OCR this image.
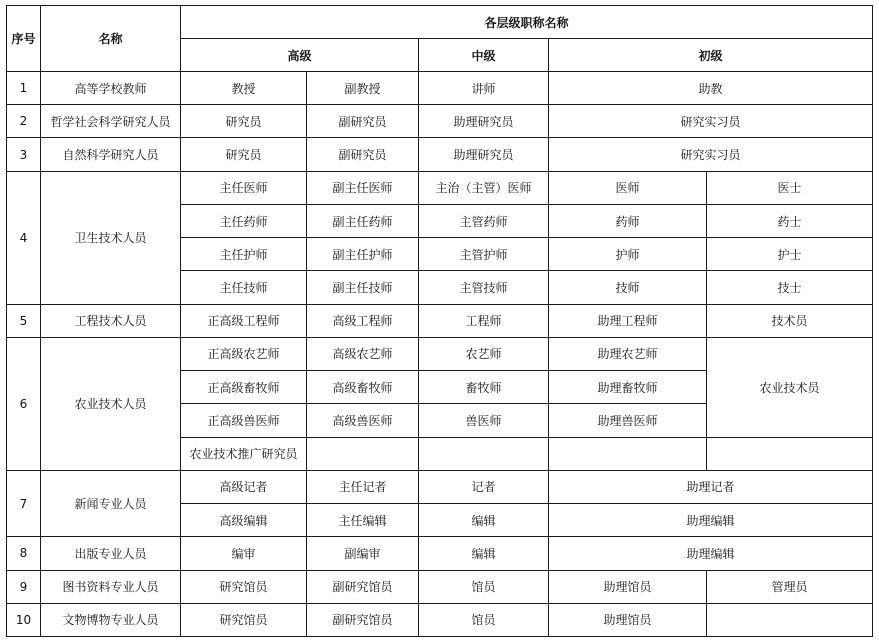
序号	名称	各层级职称名称				
		高级		中级	初级	
1	高等学校教师	教授	副教授	讲师	助教	
2	哲学社会科学研究人员	研究员	副研究员	助理研究员	研究实习员	
3	自然科学研究人员	研究员	副研究员	助理研究员	研究实习员	
4	卫生技术人员	主任医师	副主任医师	主治（主管）医师	医师	医士
		主任药师	副主任药师	主管药师	药师	药士
		主任护师	副主任护师	主管护师	护师	护士
		主任技师	副主任技师	主管技师	技师	技士
5	工程技术人员	正高级工程师	高级工程师	工程师	助理工程师	技术员
6	农业技术人员	正高级农艺师	高级农艺师	农艺师	助理农艺师	农业技术员
		正高级畜牧师	高级畜牧师	畜牧师	助理畜牧师	
		正高级兽医师	高级兽医师	兽医师	助理兽医师	
		农业技术推广研究员				
7	新闻专业人员	高级记者	主任记者	记者	助理记者	
		高级编辑	主任编辑	编辑	助理编辑	
8	出版专业人员	编审	副编审	编辑	助理编辑	
9	图书资料专业人员	研究馆员	副研究馆员	馆员	助理馆员	管理员
10	文物博物专业人员	研究馆员	副研究馆员	馆员	助理馆员	
